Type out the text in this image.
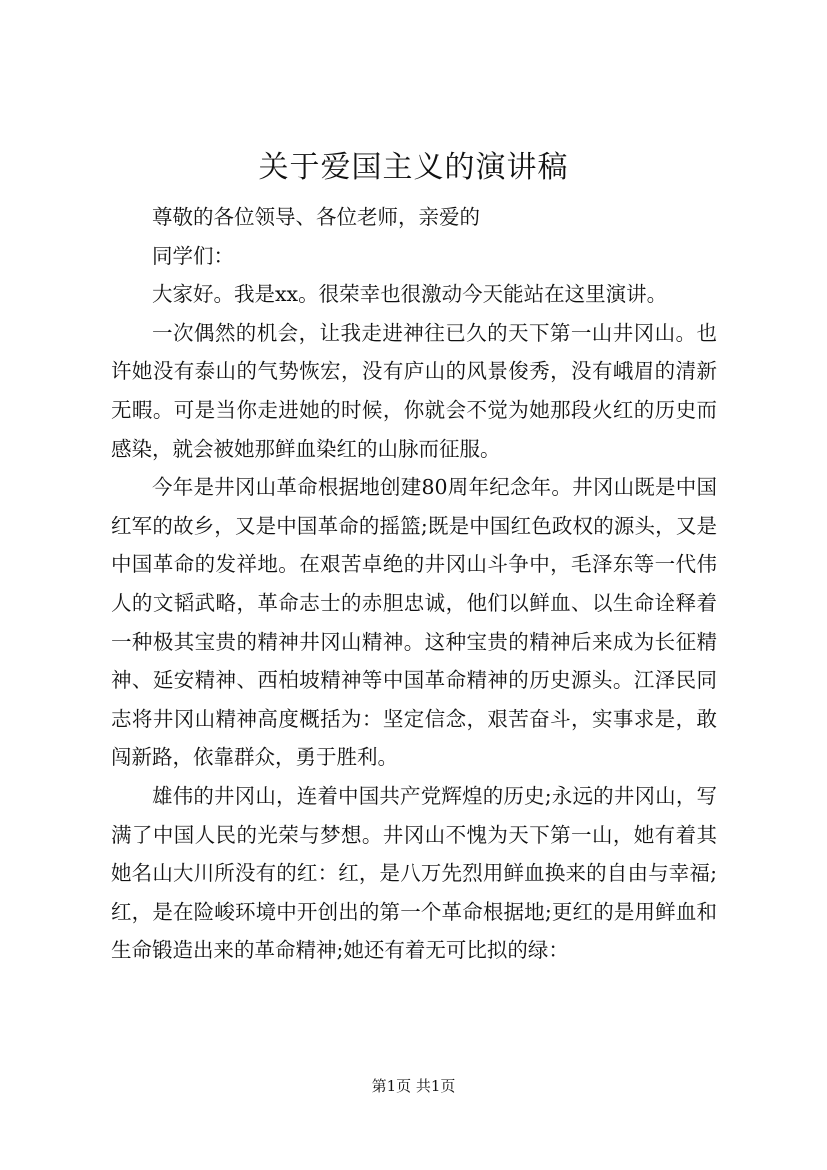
关于爱国主义的演讲稿

尊敬的各位领导、各位老师，亲爱的

同学们：

大家好。我是xx。很荣幸也很激动今天能站在这里演讲。

一次偶然的机会，让我走进神往已久的天下第一山井冈山。也许她没有泰山的气势恢宏，没有庐山的风景俊秀，没有峨眉的清新无暇。可是当你走进她的时候，你就会不觉为她那段火红的历史而感染，就会被她那鲜血染红的山脉而征服。

今年是井冈山革命根据地创建80周年纪念年。井冈山既是中国红军的故乡，又是中国革命的摇篮;既是中国红色政权的源头，又是中国革命的发祥地。在艰苦卓绝的井冈山斗争中，毛泽东等一代伟人的文韬武略，革命志士的赤胆忠诚，他们以鲜血、以生命诠释着一种极其宝贵的精神井冈山精神。这种宝贵的精神后来成为长征精神、延安精神、西柏坡精神等中国革命精神的历史源头。江泽民同志将井冈山精神高度概括为：坚定信念，艰苦奋斗，实事求是，敢闯新路，依靠群众，勇于胜利。

雄伟的井冈山，连着中国共产党辉煌的历史;永远的井冈山，写满了中国人民的光荣与梦想。井冈山不愧为天下第一山，她有着其她名山大川所没有的红：红，是八万先烈用鲜血换来的自由与幸福;红，是在险峻环境中开创出的第一个革命根据地;更红的是用鲜血和生命锻造出来的革命精神;她还有着无可比拟的绿：

第1页 共1页
